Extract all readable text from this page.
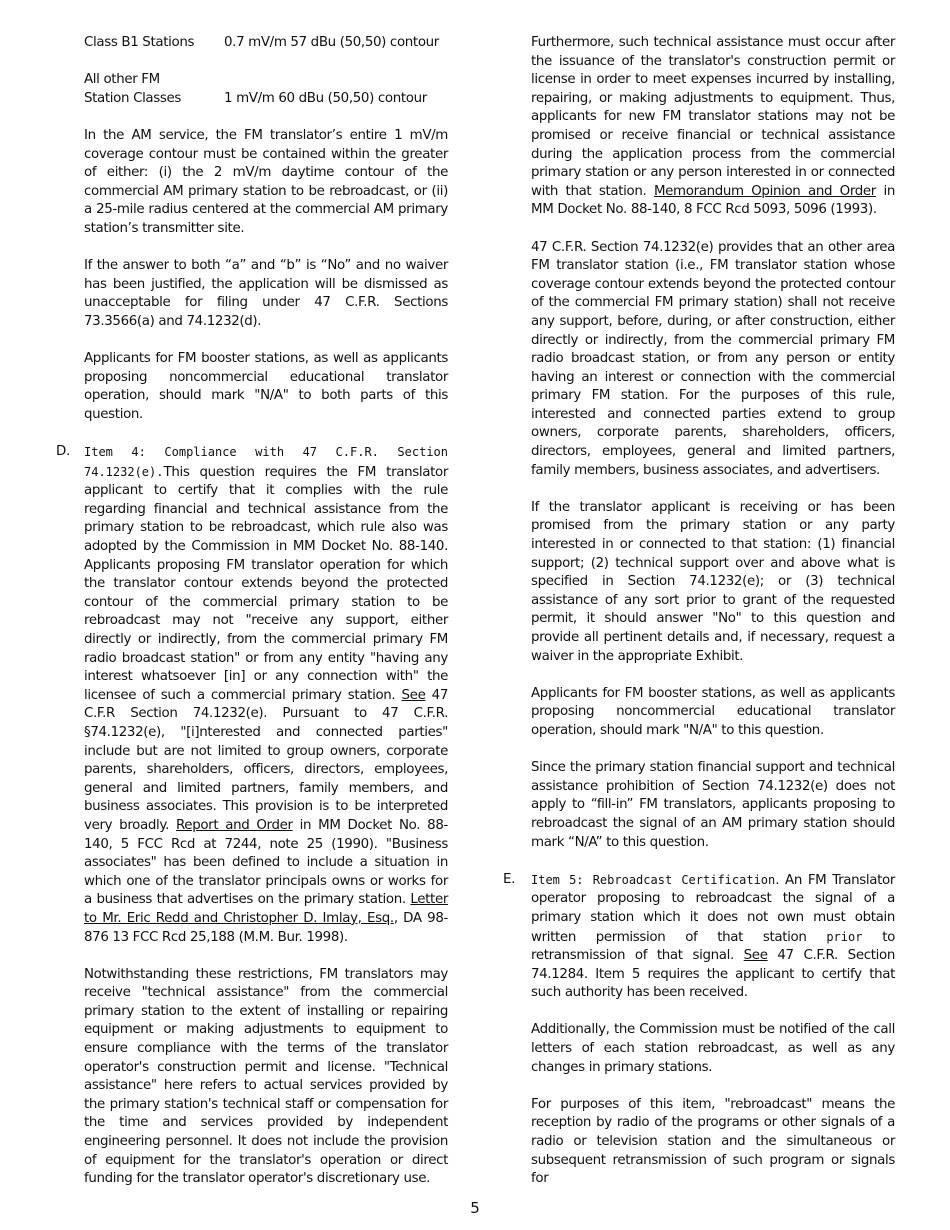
Class B1 Stations 0.7 mV/m 57 dBu (50,50) contour
All other FM
Station Classes	1 mV/m 60 dBu (50,50) contour

In the AM service, the FM translator’s entire 1 mV/m coverage contour must be contained within the greater of either: (i) the 2 mV/m daytime contour of the commercial AM primary station to be rebroadcast, or (ii) a 25-mile radius centered at the commercial AM primary station’s transmitter site.

If the answer to both “a” and “b” is “No” and no waiver has been justified, the application will be dismissed as unacceptable for filing under 47 C.F.R. Sections 73.3566(a) and 74.1232(d).

Applicants for FM booster stations, as well as applicants proposing noncommercial educational translator operation, should mark "N/A" to both parts of this question.

D. Item 4: Compliance with 47 C.F.R. Section 74.1232(e).This question requires the FM translator applicant to certify that it complies with the rule regarding financial and technical assistance from the primary station to be rebroadcast, which rule also was adopted by the Commission in MM Docket No. 88-140. Applicants proposing FM translator operation for which the translator contour extends beyond the protected contour of the commercial primary station to be rebroadcast may not "receive any support, either directly or indirectly, from the commercial primary FM radio broadcast station" or from any entity "having any interest whatsoever [in] or any connection with" the licensee of such a commercial primary station. See 47 C.F.R Section 74.1232(e). Pursuant to 47 C.F.R. §74.1232(e), "[i]nterested and connected parties" include but are not limited to group owners, corporate parents, shareholders, officers, directors, employees, general and limited partners, family members, and business associates. This provision is to be interpreted very broadly. Report and Order in MM Docket No. 88-140, 5 FCC Rcd at 7244, note 25 (1990). "Business associates" has been defined to include a situation in which one of the translator principals owns or works for a business that advertises on the primary station. Letter to Mr. Eric Redd and Christopher D. Imlay, Esq., DA 98-876 13 FCC Rcd 25,188 (M.M. Bur. 1998).

Notwithstanding these restrictions, FM translators may receive "technical assistance" from the commercial primary station to the extent of installing or repairing equipment or making adjustments to equipment to ensure compliance with the terms of the translator operator's construction permit and license. "Technical assistance" here refers to actual services provided by the primary station's technical staff or compensation for the time and services provided by independent engineering personnel. It does not include the provision of equipment for the translator's operation or direct funding for the translator operator's discretionary use.

Furthermore, such technical assistance must occur after the issuance of the translator's construction permit or license in order to meet expenses incurred by installing, repairing, or making adjustments to equipment. Thus, applicants for new FM translator stations may not be promised or receive financial or technical assistance during the application process from the commercial primary station or any person interested in or connected with that station. Memorandum Opinion and Order in MM Docket No. 88-140, 8 FCC Rcd 5093, 5096 (1993).

47 C.F.R. Section 74.1232(e) provides that an other area FM translator station (i.e., FM translator station whose coverage contour extends beyond the protected contour of the commercial FM primary station) shall not receive any support, before, during, or after construction, either directly or indirectly, from the commercial primary FM radio broadcast station, or from any person or entity having an interest or connection with the commercial primary FM station. For the purposes of this rule, interested and connected parties extend to group owners, corporate parents, shareholders, officers, directors, employees, general and limited partners, family members, business associates, and advertisers.

If the translator applicant is receiving or has been promised from the primary station or any party interested in or connected to that station: (1) financial support; (2) technical support over and above what is specified in Section 74.1232(e); or (3) technical assistance of any sort prior to grant of the requested permit, it should answer "No" to this question and provide all pertinent details and, if necessary, request a waiver in the appropriate Exhibit.

Applicants for FM booster stations, as well as applicants proposing noncommercial educational translator operation, should mark "N/A" to this question.

Since the primary station financial support and technical assistance prohibition of Section 74.1232(e) does not apply to “fill-in” FM translators, applicants proposing to rebroadcast the signal of an AM primary station should mark “N/A” to this question.

E. Item 5: Rebroadcast Certification. An FM Translator operator proposing to rebroadcast the signal of a primary station which it does not own must obtain written permission of that station prior to retransmission of that signal. See 47 C.F.R. Section 74.1284. Item 5 requires the applicant to certify that such authority has been received.

Additionally, the Commission must be notified of the call letters of each station rebroadcast, as well as any changes in primary stations.

For purposes of this item, "rebroadcast" means the reception by radio of the programs or other signals of a radio or television station and the simultaneous or subsequent retransmission of such program or signals for

5
